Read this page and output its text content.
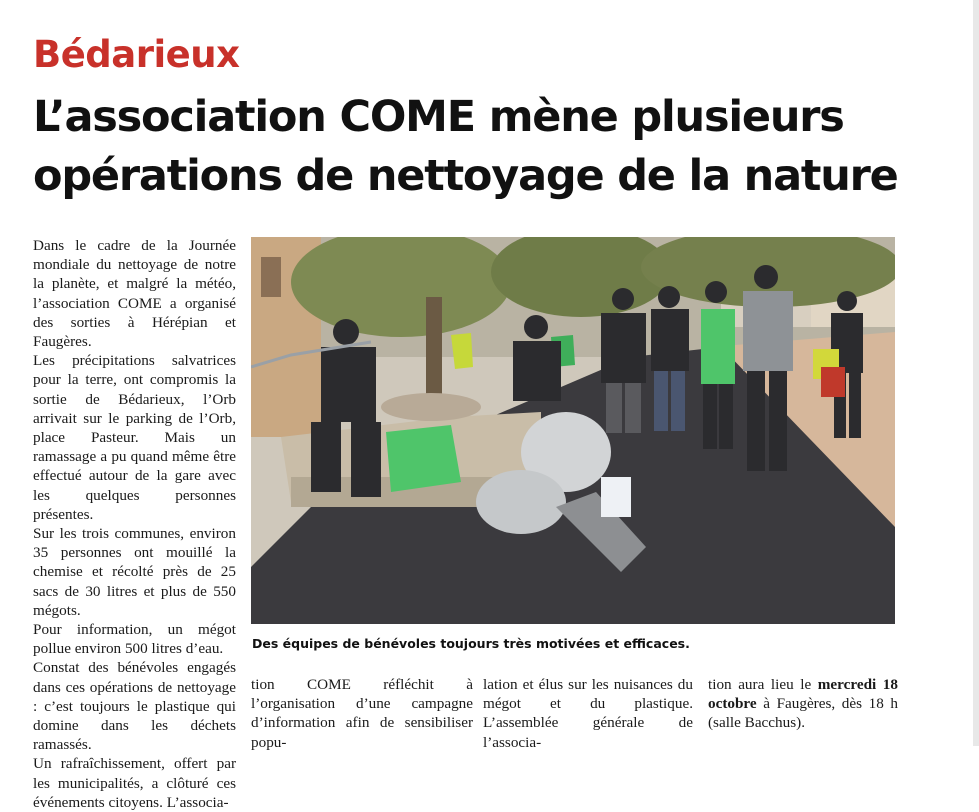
Bédarieux
L’association COME mène plusieurs
opérations de nettoyage de la nature

Dans le cadre de la Journée mondiale du nettoyage de notre la planète, et malgré la météo, l’association COME a organisé des sorties à Hérépian et Faugères.

Les précipitations salvatrices pour la terre, ont compromis la sortie de Bédarieux, l’Orb arrivait sur le parking de l’Orb, place Pasteur. Mais un ramassage a pu quand même être effectué autour de la gare avec les quelques personnes présentes.

Sur les trois communes, environ 35 personnes ont mouillé la chemise et récolté près de 25 sacs de 30 litres et plus de 550 mégots.

Pour information, un mégot pollue environ 500 litres d’eau.

Constat des bénévoles engagés dans ces opérations de nettoyage : c’est toujours le plastique qui domine dans les déchets ramassés.

Un rafraîchissement, offert par les municipalités, a clôturé ces événements citoyens. L’associa-

Des équipes de bénévoles toujours très motivées et efficaces.

tion COME réfléchit à l’organisation d’une campagne d’information afin de sensibiliser popu-

lation et élus sur les nuisances du mégot et du plastique. L’assemblée générale de l’associa-

tion aura lieu le mercredi 18 octobre à Faugères, dès 18 h (salle Bacchus).
